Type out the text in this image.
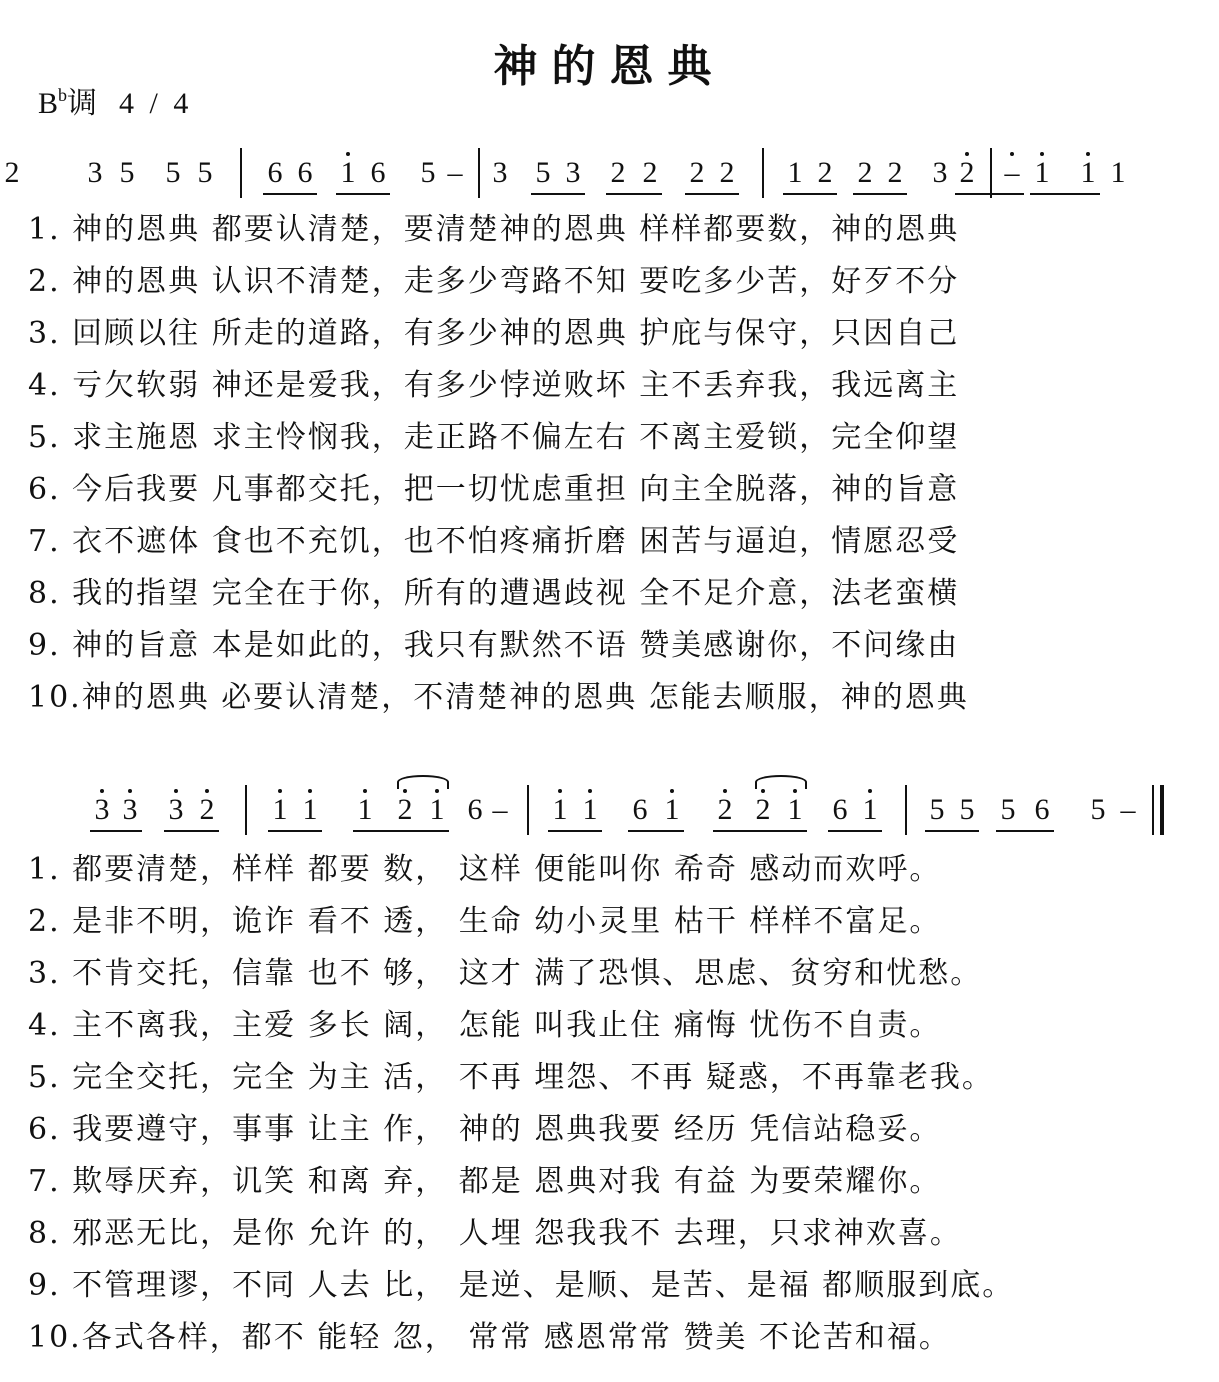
神的恩典
$B^b$调 4 / 4
3 5 5 5 6 6 1 6 5 – 3 5 3 2 2 2 2 1 2 2 2 3 2 – 1 1 1
2
1. 神的恩典 都要认清楚，要清楚神的恩典 样样都要数，神的恩典
2. 神的恩典 认识不清楚，走多少弯路不知 要吃多少苦，好歹不分
3. 回顾以往 所走的道路，有多少神的恩典 护庇与保守，只因自己
4. 亏欠软弱 神还是爱我，有多少悖逆败坏 主不丢弃我，我远离主
5. 求主施恩 求主怜悯我，走正路不偏左右 不离主爱锁，完全仰望
6. 今后我要 凡事都交托，把一切忧虑重担 向主全脱落，神的旨意
7. 衣不遮体 食也不充饥，也不怕疼痛折磨 困苦与逼迫，情愿忍受
8. 我的指望 完全在于你，所有的遭遇歧视 全不足介意，法老蛮横
9. 神的旨意 本是如此的，我只有默然不语 赞美感谢你，不问缘由
10.神的恩典 必要认清楚，不清楚神的恩典 怎能去顺服，神的恩典
3 3 3 2 1 1 1 2 1 6 – 1 1 6 1 2 2 1 6 1 5 5 5 6 5 –
1. 都要清楚，样样 都要 数， 这样 便能叫你 希奇 感动而欢呼。
2. 是非不明，诡诈 看不 透， 生命 幼小灵里 枯干 样样不富足。
3. 不肯交托，信靠 也不 够， 这才 满了恐惧、思虑、贫穷和忧愁。
4. 主不离我，主爱 多长 阔， 怎能 叫我止住 痛悔 忧伤不自责。
5. 完全交托，完全 为主 活， 不再 埋怨、不再 疑惑，不再靠老我。
6. 我要遵守，事事 让主 作， 神的 恩典我要 经历 凭信站稳妥。
7. 欺辱厌弃，讥笑 和离 弃， 都是 恩典对我 有益 为要荣耀你。
8. 邪恶无比，是你 允许 的， 人埋 怨我我不 去理，只求神欢喜。
9. 不管理谬，不同 人去 比， 是逆、是顺、是苦、是福 都顺服到底。
10.各式各样，都不 能轻 忽， 常常 感恩常常 赞美 不论苦和福。
